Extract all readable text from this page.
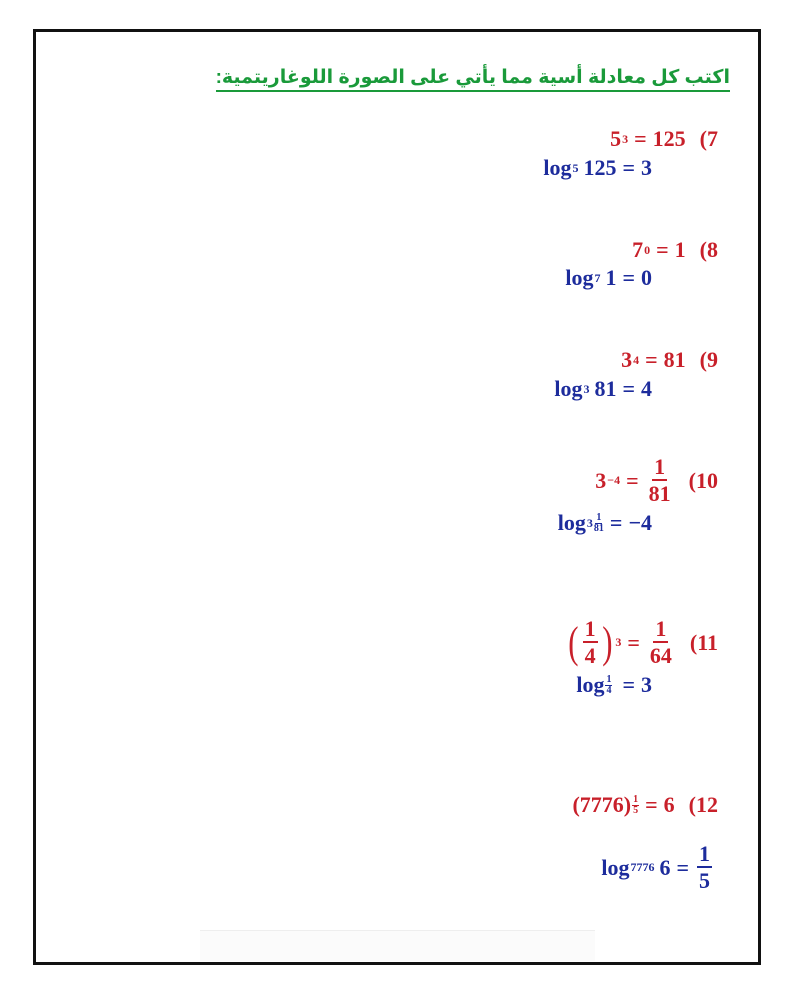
اكتب كل معادلة أسية مما يأتي على الصورة اللوغاريتمية:
5 3 = 125 (7
log 5 125 = 3
7 0 = 1 (8
log 7 1 = 0
3 4 = 81 (9
log 3 81 = 4
$3 -4 = \frac{1}{81} (10$
$\log 3 \frac{1}{81} = -4$
( $\frac{1}{4}$ ) $3 = \frac{1}{64} (11$
$\log \frac{1}{4} = 3$
$(7776) \frac{1}{5} = 6$ (12
log 7776 $6 = \frac{1}{5}$
